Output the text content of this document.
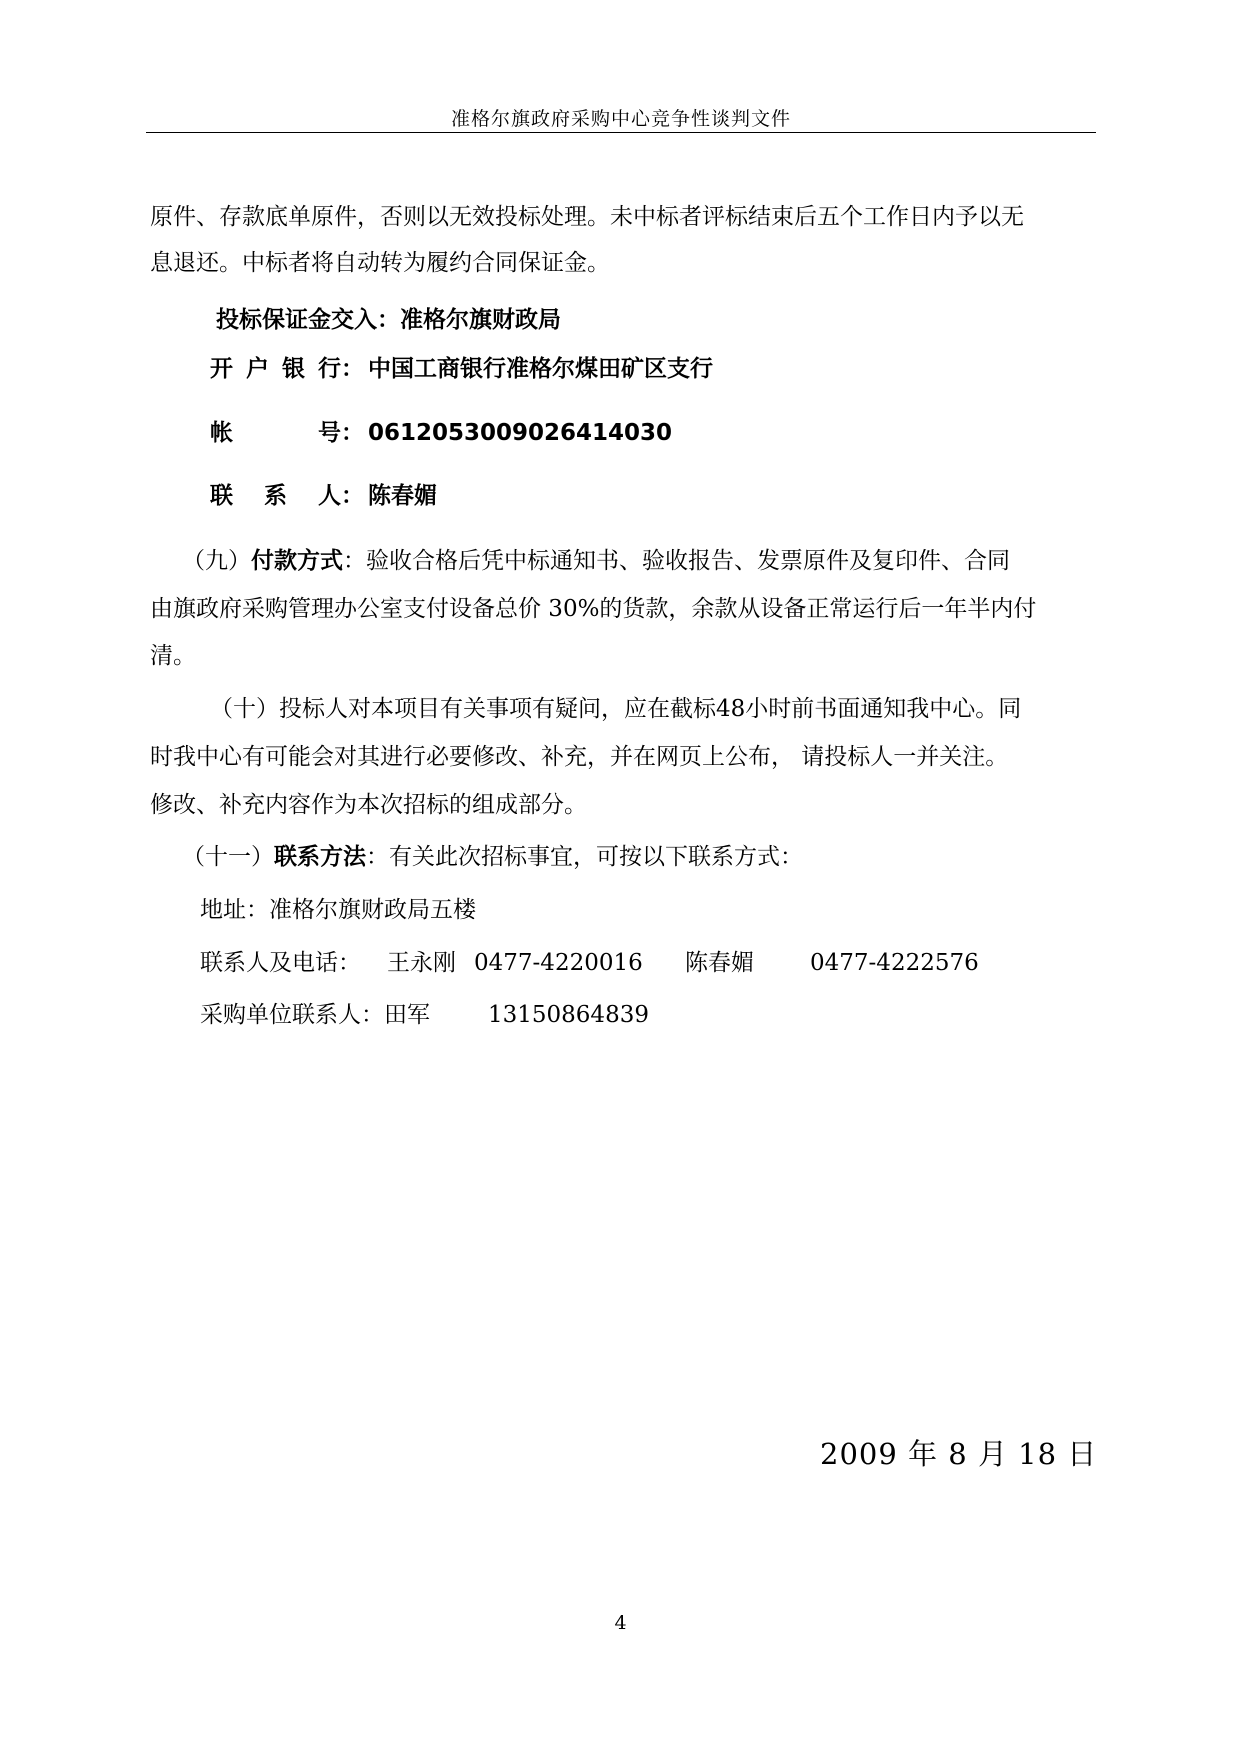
准格尔旗政府采购中心竞争性谈判文件
原件、存款底单原件，否则以无效投标处理。未中标者评标结束后五个工作日内予以无
息退还。中标者将自动转为履约合同保证金。
投标保证金交入：准格尔旗财政局
开 户 银 行： 中国工商银行准格尔煤田矿区支行
帐	号： 0612053009026414030
联 系 人： 陈春媚
（九）付款方式：验收合格后凭中标通知书、验收报告、发票原件及复印件、合同
由旗政府采购管理办公室支付设备总价 30%的货款，余款从设备正常运行后一年半内付
清。
（十）投标人对本项目有关事项有疑问，应在截标48小时前书面通知我中心。同
时我中心有可能会对其进行必要修改、补充，并在网页上公布， 请投标人一并关注。
修改、补充内容作为本次招标的组成部分。
（十一）联系方法：有关此次招标事宜，可按以下联系方式：
地址：准格尔旗财政局五楼
联系人及电话： 王永刚 0477-4220016 陈春媚 0477-4222576
采购单位联系人：田军	13150864839
2009 年 8 月 18 日
4
